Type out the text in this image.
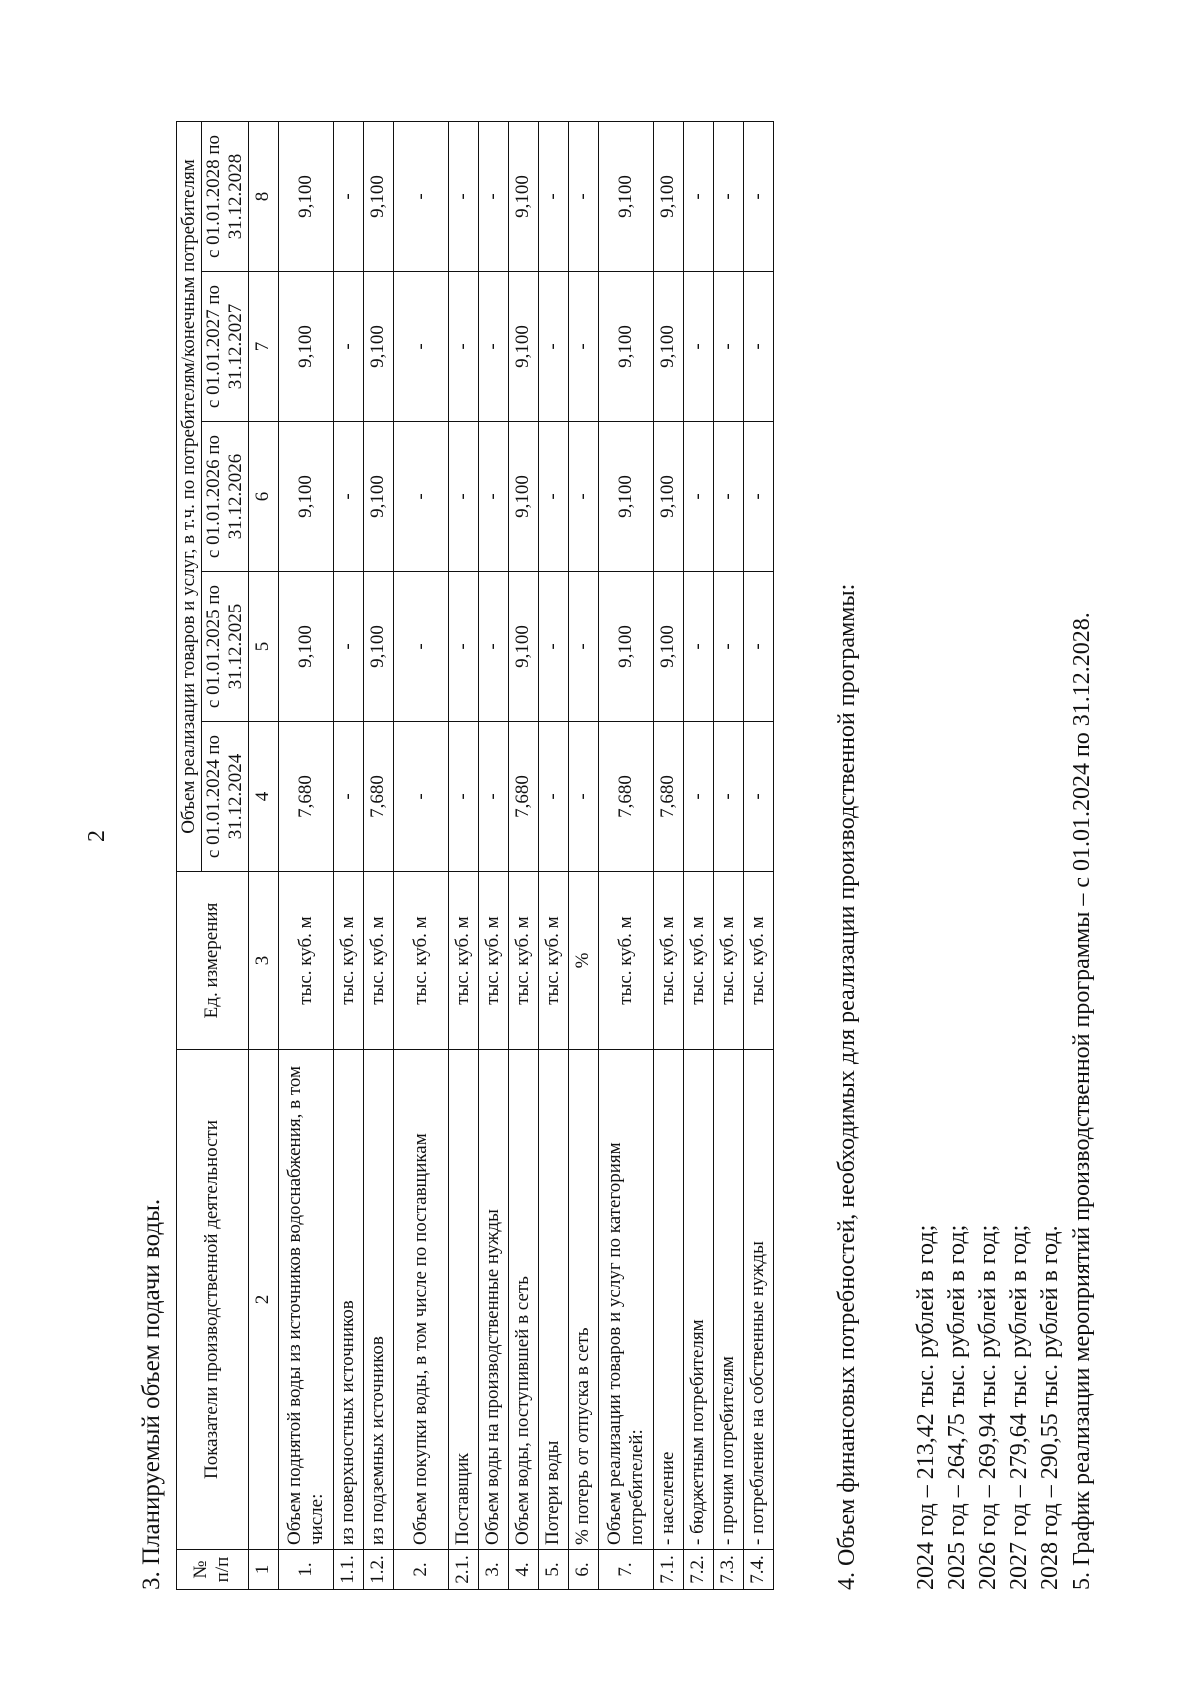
2
3. Планируемый объем подачи воды.	№ п/п	Показатели производственной деятельности	Ед. измерения	Объем реализации товаров и услуг, в т.ч. по потребителям/конечным потребителям				
			с 01.01.2024 по 31.12.2024	с 01.01.2025 по 31.12.2025	с 01.01.2026 по 31.12.2026	с 01.01.2027 по 31.12.2027	с 01.01.2028 по 31.12.2028
1	2	3	4	5	6	7	8
1.	Объем поднятой воды из источников водоснабжения, в том числе:	тыс. куб. м	7,680	9,100	9,100	9,100	9,100
1.1.	из поверхностных источников	тыс. куб. м	-	-	-	-	-
1.2.	из подземных источников	тыс. куб. м	7,680	9,100	9,100	9,100	9,100
2.	Объем покупки воды, в том числе по поставщикам	тыс. куб. м	-	-	-	-	-
2.1.	Поставщик	тыс. куб. м	-	-	-	-	-
3.	Объем воды на производственные нужды	тыс. куб. м	-	-	-	-	-
4.	Объем воды, поступившей в сеть	тыс. куб. м	7,680	9,100	9,100	9,100	9,100
5.	Потери воды	тыс. куб. м	-	-	-	-	-
6.	% потерь от отпуска в сеть	%	-	-	-	-	-
7.	Объем реализации товаров и услуг по категориям потребителей:	тыс. куб. м	7,680	9,100	9,100	9,100	9,100
7.1.	- население	тыс. куб. м	7,680	9,100	9,100	9,100	9,100
7.2.	- бюджетным потребителям	тыс. куб. м	-	-	-	-	-
7.3.	- прочим потребителям	тыс. куб. м	-	-	-	-	-
7.4.	- потребление на собственные нужды	тыс. куб. м	-	-	-	-	-

4. Объем финансовых потребностей, необходимых для реализации производственной программы: 2024 год – 213,42 тыс. рублей в год; 2025 год – 264,75 тыс. рублей в год; 2026 год – 269,94 тыс. рублей в год; 2027 год – 279,64 тыс. рублей в год; 2028 год – 290,55 тыс. рублей в год. 5. График реализации мероприятий производственной программы – с 01.01.2024 по 31.12.2028.
